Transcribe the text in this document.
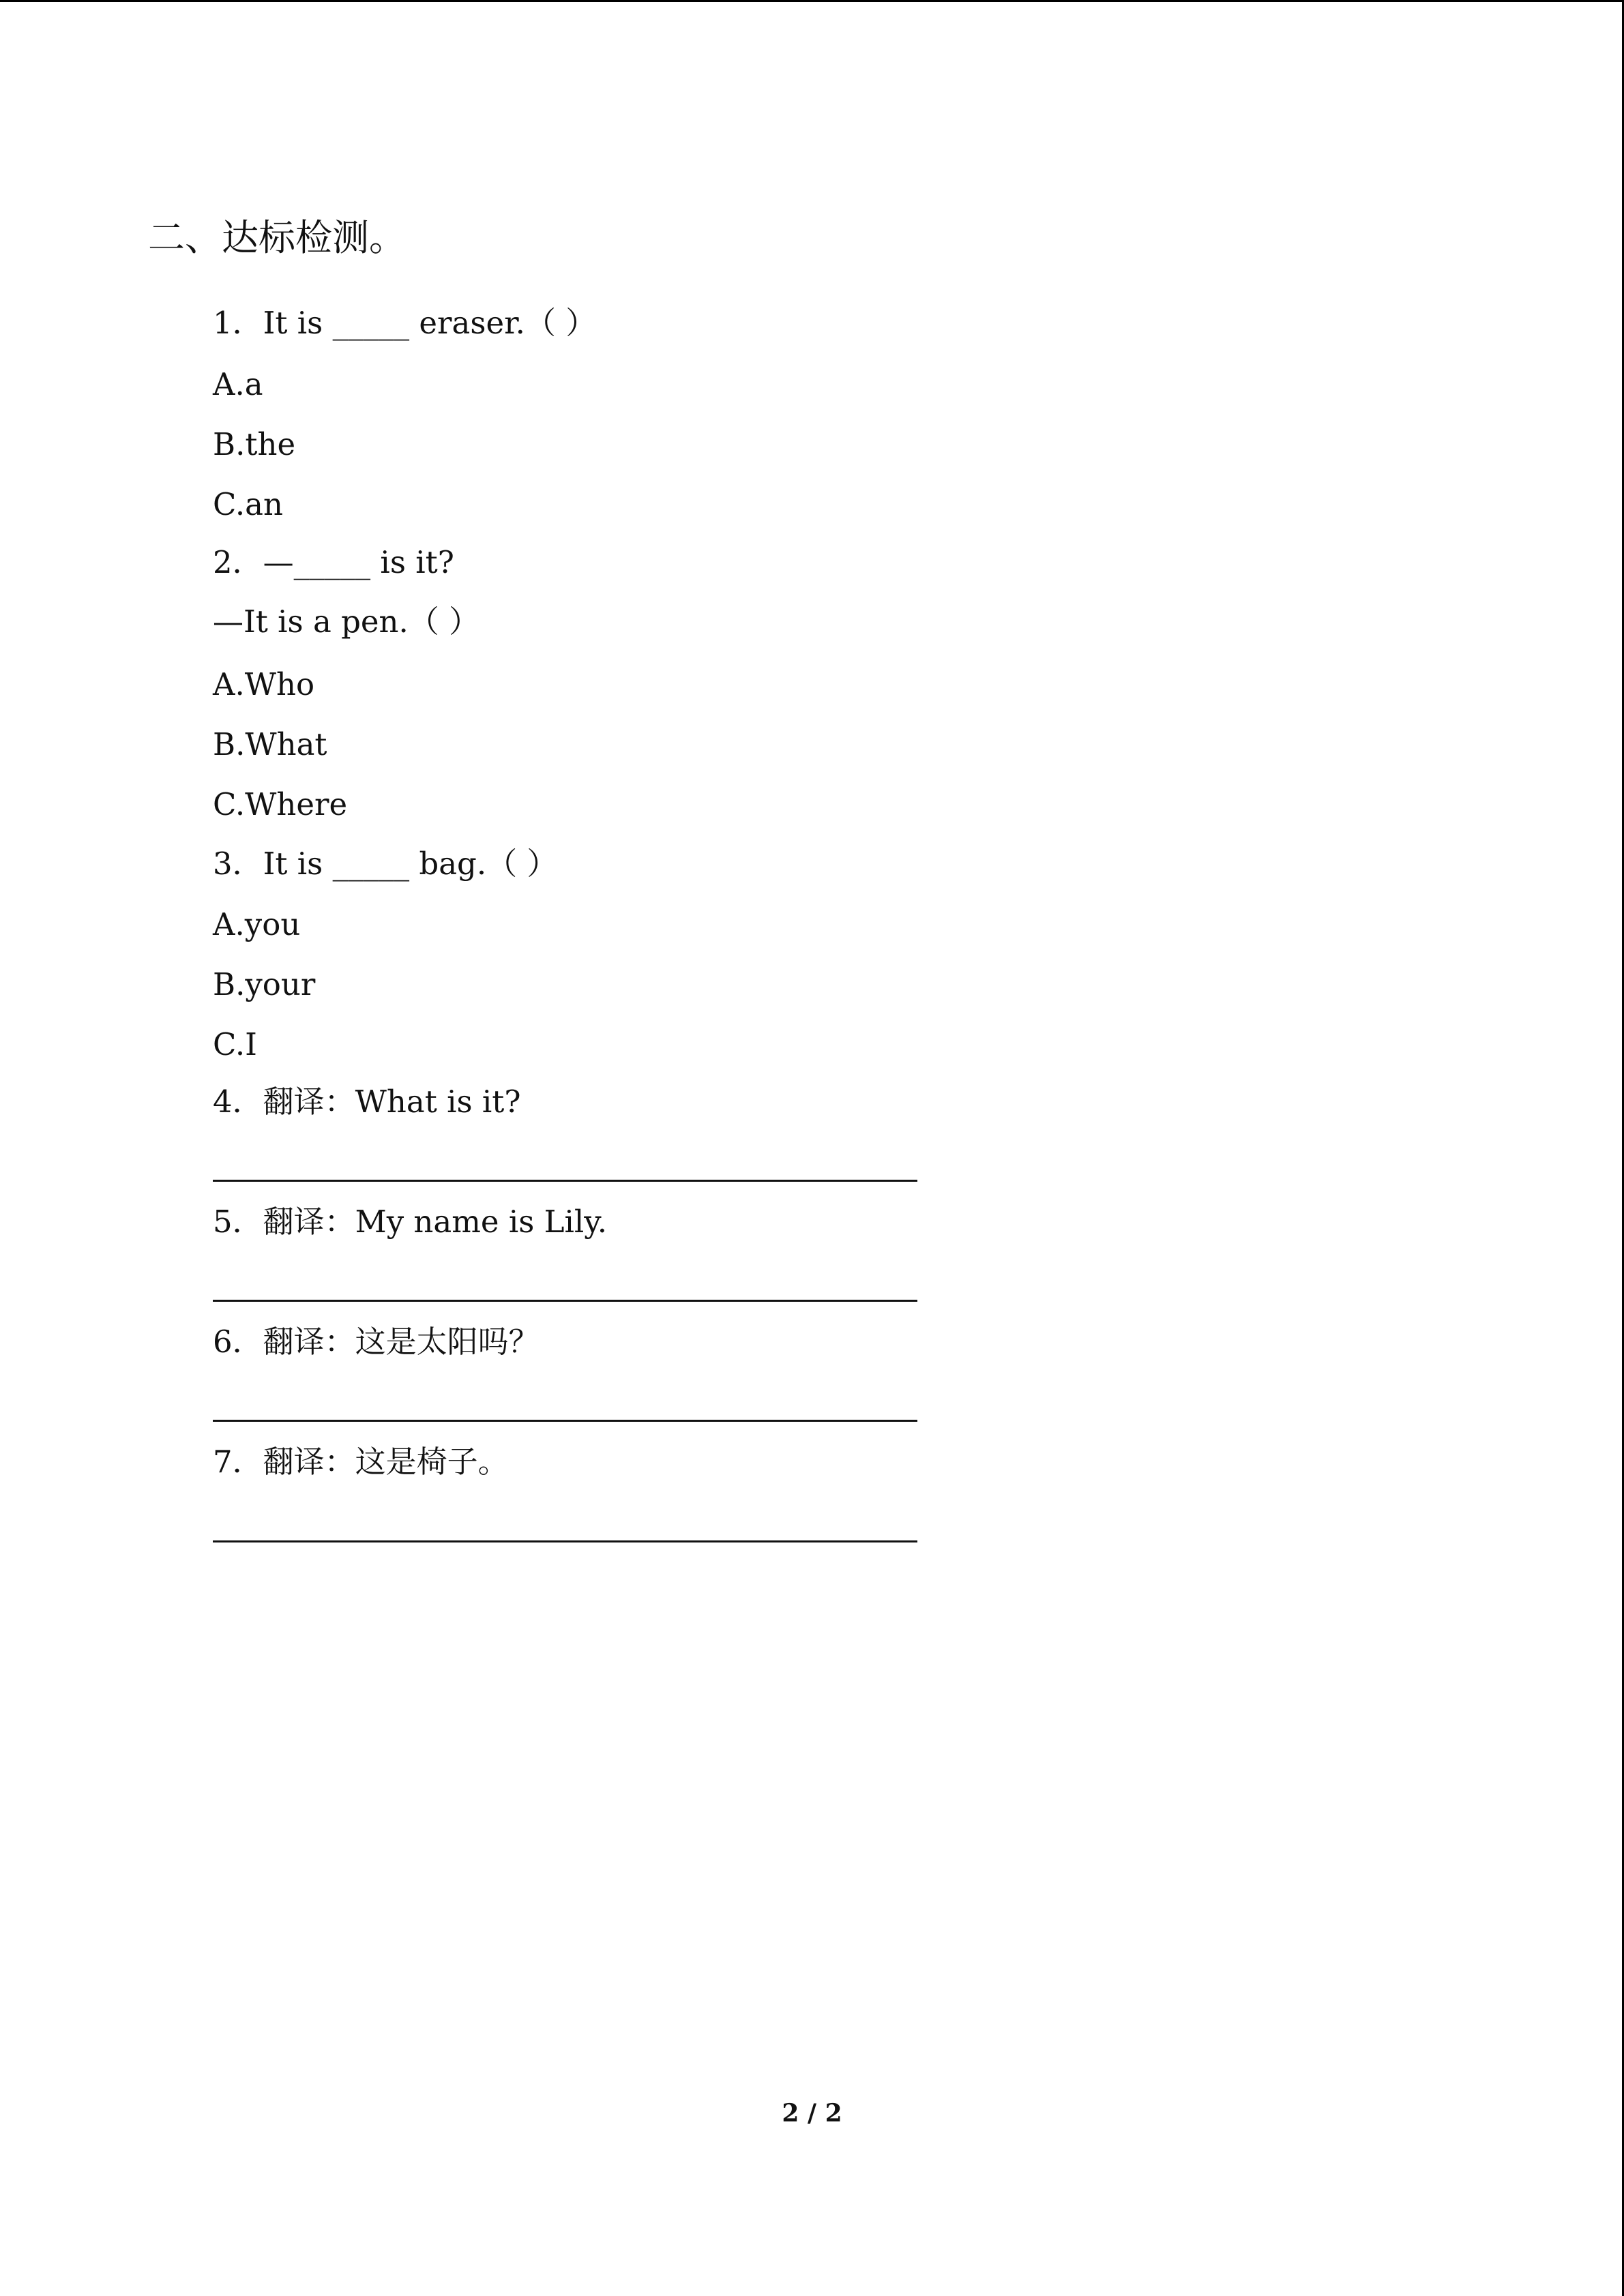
二、达标检测。
1．It is _____ eraser.（ ）
A.a
B.the
C.an
2．—_____ is it?
—It is a pen.（ ）
A.Who
B.What
C.Where
3．It is _____ bag.（ ）
A.you
B.your
C.I
4．翻译：What is it?
5．翻译：My name is Lily.
6．翻译：这是太阳吗？
7．翻译：这是椅子。
2 / 2
